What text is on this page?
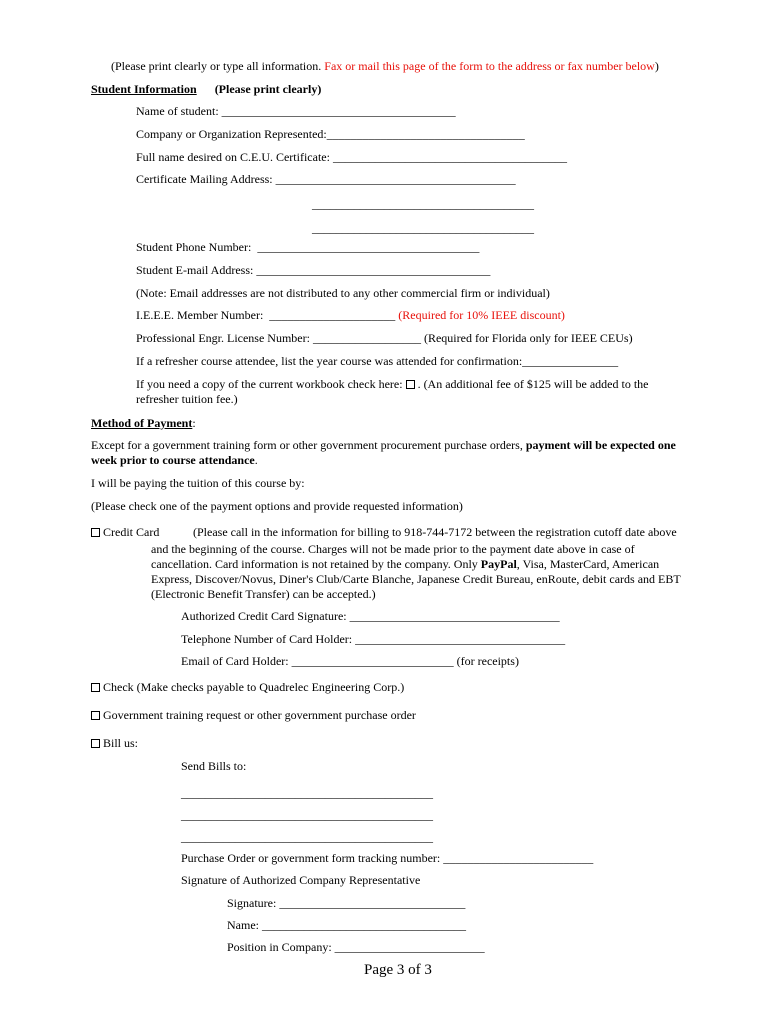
(Please print clearly or type all information. Fax or mail this page of the form to the address or fax number below)
Student Information (Please print clearly)
Name of student: _______________________________________
Company or Organization Represented:_________________________________
Full name desired on C.E.U. Certificate: _______________________________________
Certificate Mailing Address: ________________________________________
_____________________________________
_____________________________________
Student Phone Number:  _____________________________________
Student E-mail Address: _______________________________________
(Note: Email addresses are not distributed to any other commercial firm or individual)
I.E.E.E. Member Number:  _____________________ (Required for 10% IEEE discount)
Professional Engr. License Number: __________________ (Required for Florida only for IEEE CEUs)
If a refresher course attendee, list the year course was attended for confirmation:________________
If you need a copy of the current workbook check here:  . (An additional fee of $125 will be added to the
refresher tuition fee.)
Method of Payment:
Except for a government training form or other government procurement purchase orders, payment will be expected one
week prior to course attendance.
I will be paying the tuition of this course by:
(Please check one of the payment options and provide requested information)
Credit Card	(Please call in the information for billing to 918-744-7172 between the registration cutoff date above
and the beginning of the course. Charges will not be made prior to the payment date above in case of
cancellation. Card information is not retained by the company. Only PayPal, Visa, MasterCard, American
Express, Discover/Novus, Diner's Club/Carte Blanche, Japanese Credit Bureau, enRoute, debit cards and EBT
(Electronic Benefit Transfer) can be accepted.)
Authorized Credit Card Signature: ___________________________________
Telephone Number of Card Holder: ___________________________________
Email of Card Holder: ___________________________ (for receipts)
Check (Make checks payable to Quadrelec Engineering Corp.)
Government training request or other government purchase order
Bill us:
Send Bills to:
__________________________________________
__________________________________________
__________________________________________
Purchase Order or government form tracking number: _________________________
Signature of Authorized Company Representative
Signature: _______________________________
Name: __________________________________
Position in Company: _________________________
Page 3 of 3
